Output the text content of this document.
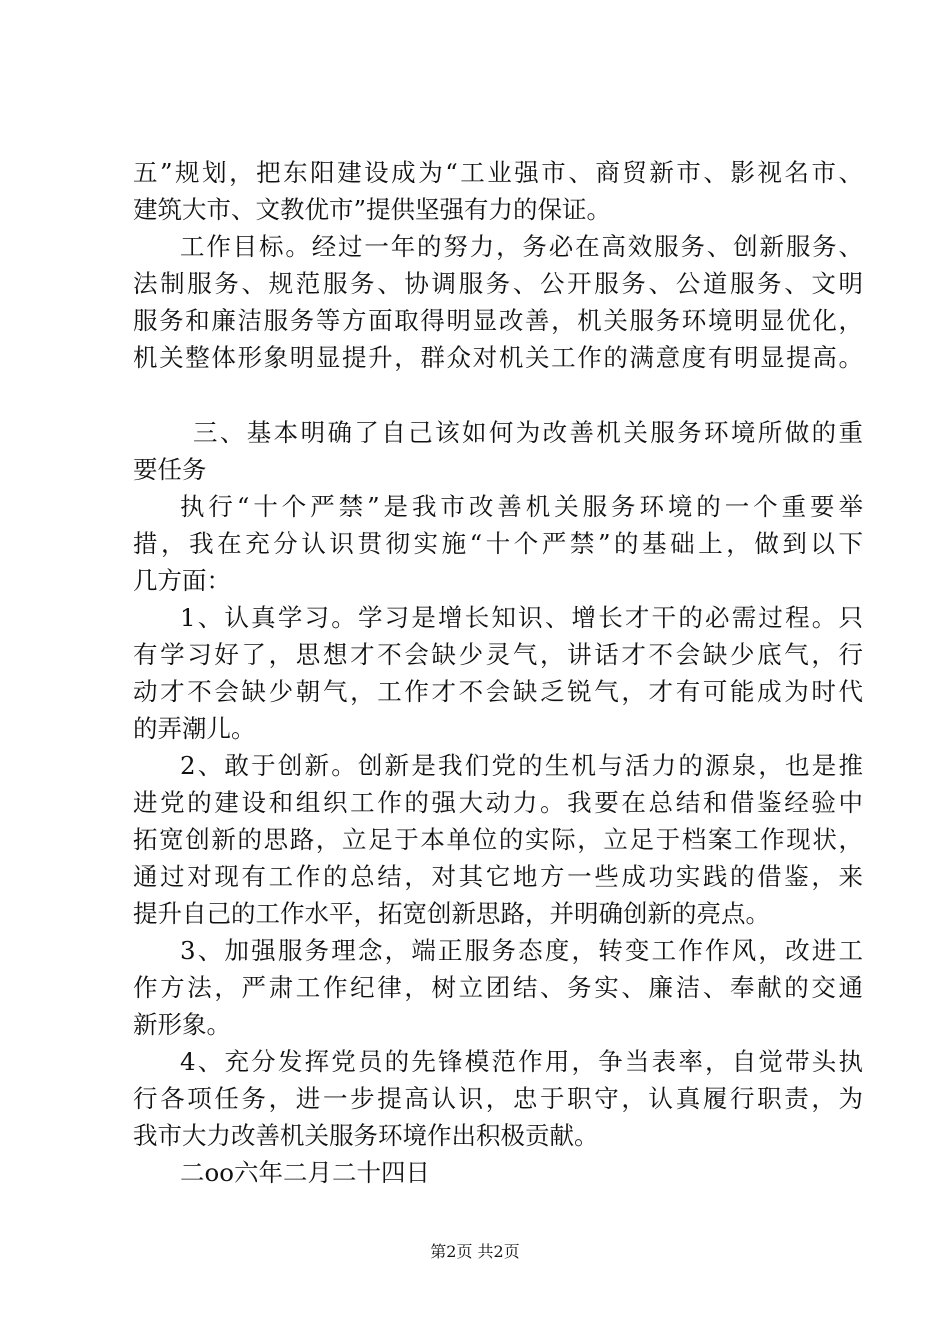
五”规划，把东阳建设成为“工业强市、商贸新市、影视名市、
建筑大市、文教优市”提供坚强有力的保证。
工作目标。经过一年的努力，务必在高效服务、创新服务、
法制服务、规范服务、协调服务、公开服务、公道服务、文明
服务和廉洁服务等方面取得明显改善，机关服务环境明显优化，
机关整体形象明显提升，群众对机关工作的满意度有明显提高。
三、基本明确了自己该如何为改善机关服务环境所做的重
要任务
执行“十个严禁”是我市改善机关服务环境的一个重要举
措，我在充分认识贯彻实施“十个严禁”的基础上，做到以下
几方面：
1、认真学习。学习是增长知识、增长才干的必需过程。只
有学习好了，思想才不会缺少灵气，讲话才不会缺少底气，行
动才不会缺少朝气，工作才不会缺乏锐气，才有可能成为时代
的弄潮儿。
2、敢于创新。创新是我们党的生机与活力的源泉，也是推
进党的建设和组织工作的强大动力。我要在总结和借鉴经验中
拓宽创新的思路，立足于本单位的实际，立足于档案工作现状，
通过对现有工作的总结，对其它地方一些成功实践的借鉴，来
提升自己的工作水平，拓宽创新思路，并明确创新的亮点。
3、加强服务理念，端正服务态度，转变工作作风，改进工
作方法，严肃工作纪律，树立团结、务实、廉洁、奉献的交通
新形象。
4、充分发挥党员的先锋模范作用，争当表率，自觉带头执
行各项任务，进一步提高认识，忠于职守，认真履行职责，为
我市大力改善机关服务环境作出积极贡献。
二oo六年二月二十四日
第2页 共2页
